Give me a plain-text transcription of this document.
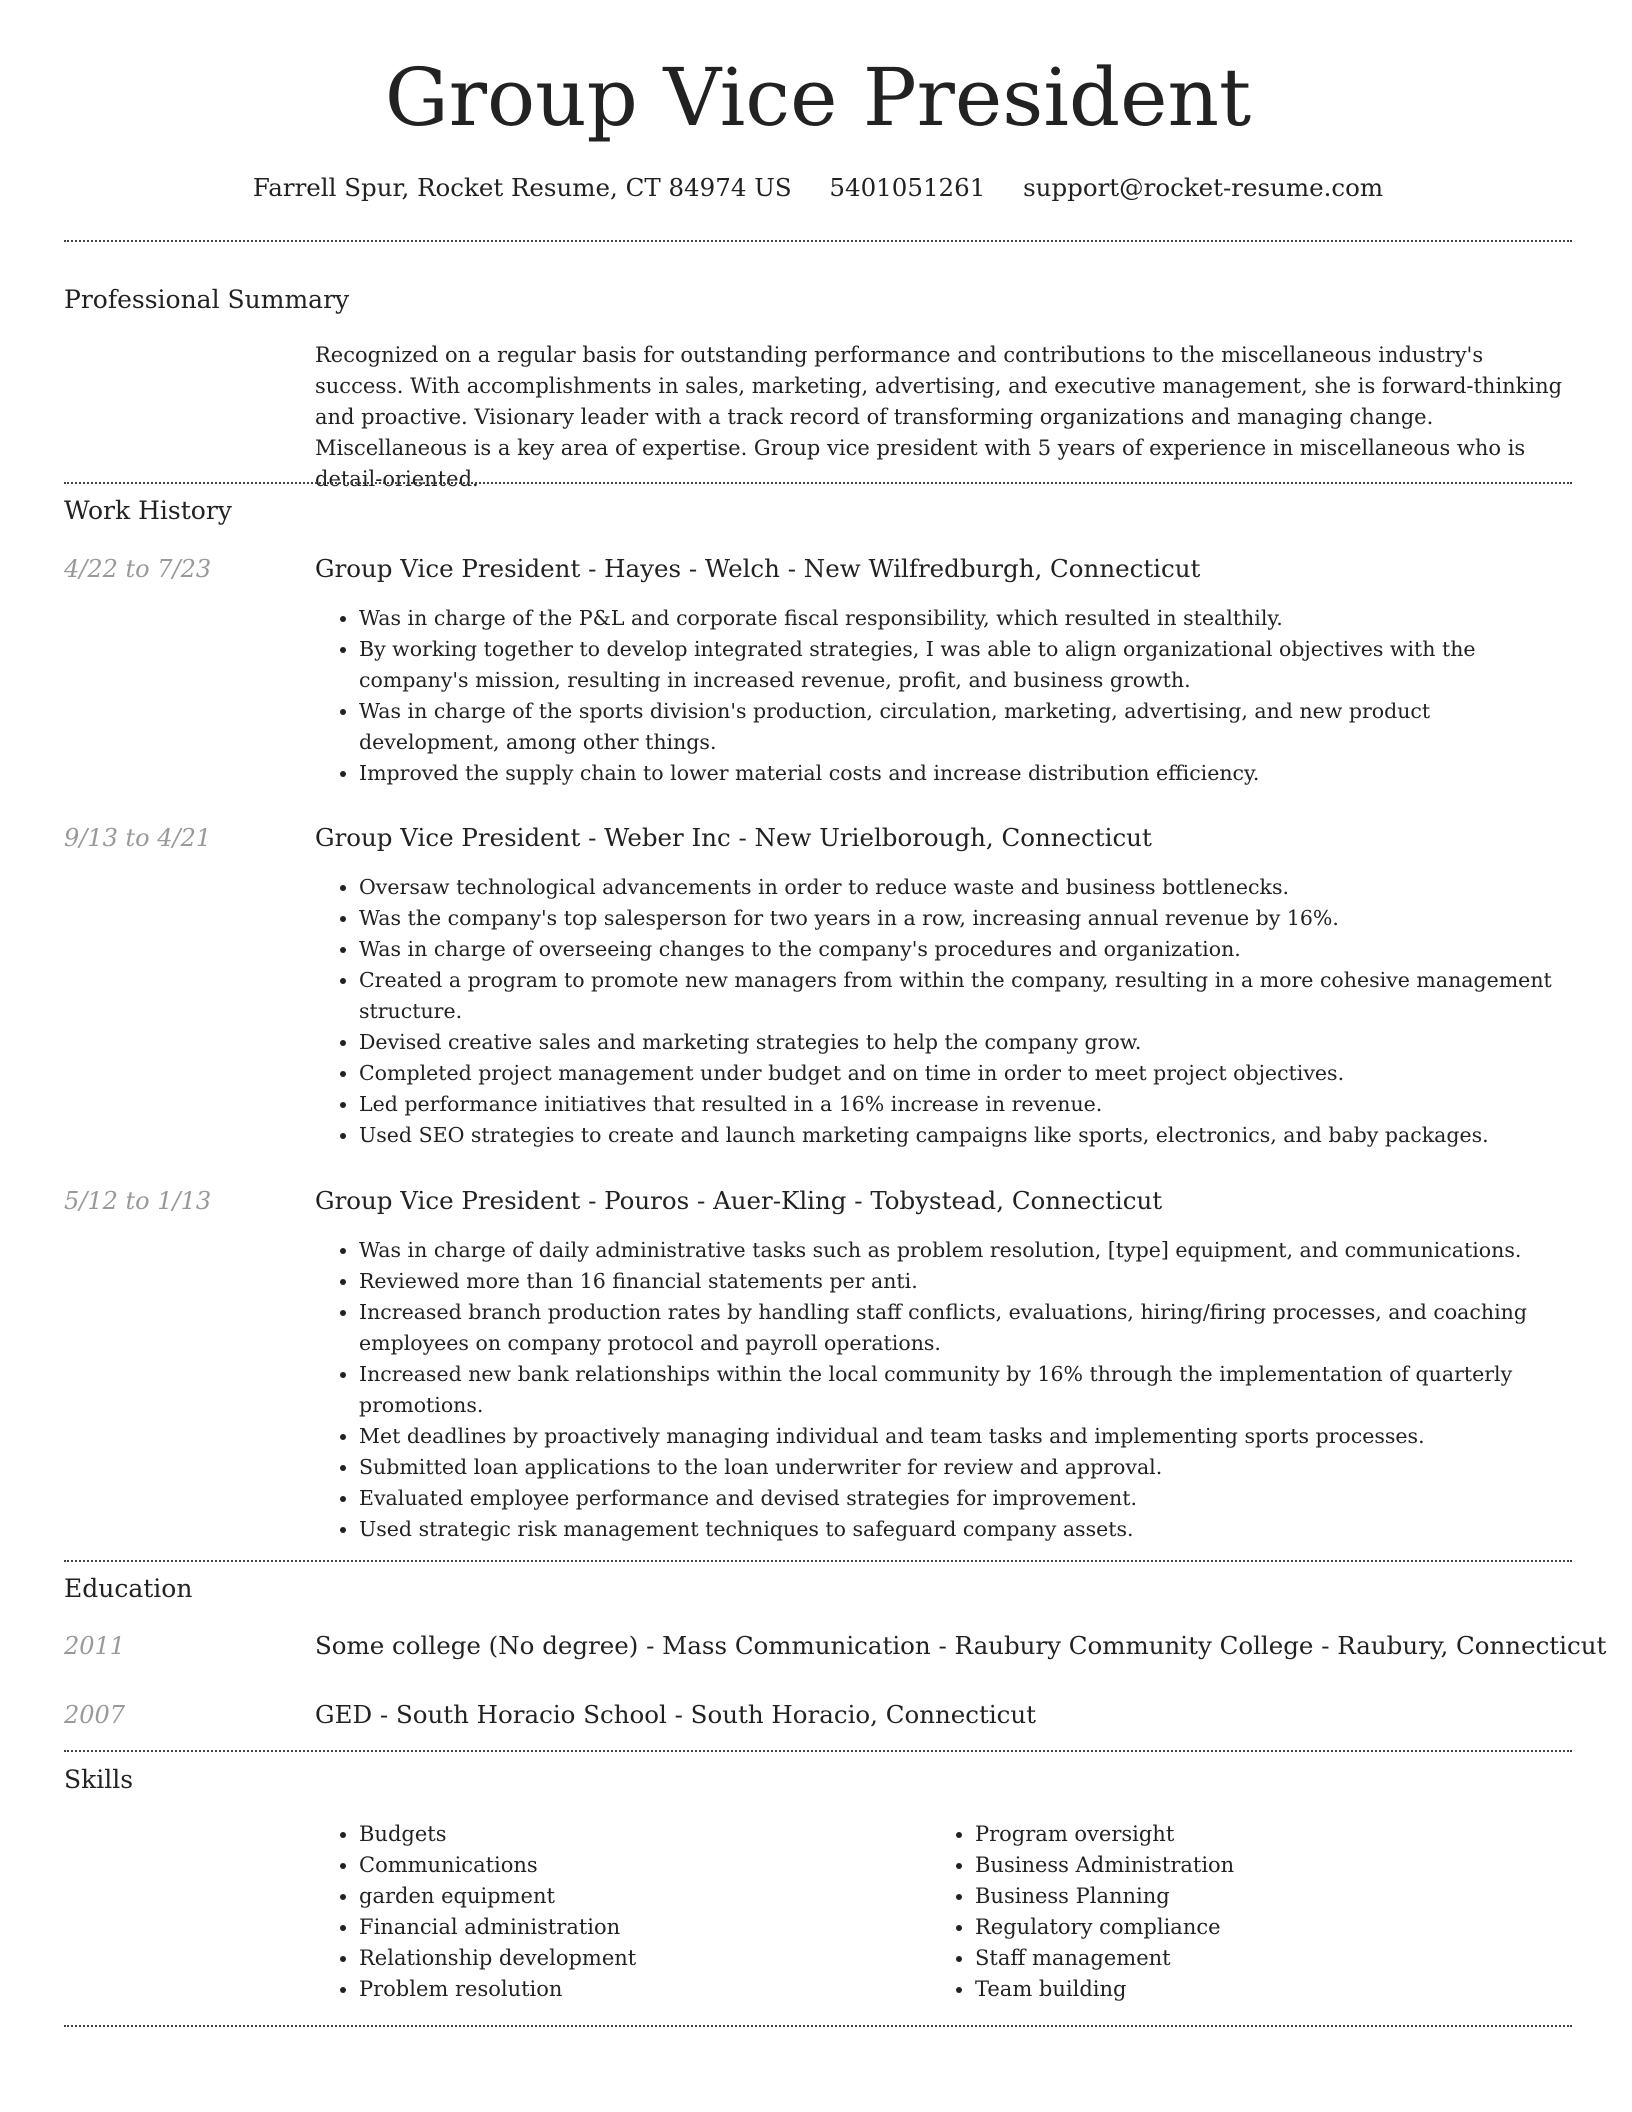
Group Vice President
Farrell Spur, Rocket Resume, CT 84974 US 5401051261 support@rocket-resume.com
Professional Summary
Recognized on a regular basis for outstanding performance and contributions to the miscellaneous industry's success. With accomplishments in sales, marketing, advertising, and executive management, she is forward-thinking and proactive. Visionary leader with a track record of transforming organizations and managing change. Miscellaneous is a key area of expertise. Group vice president with 5 years of experience in miscellaneous who is detail-oriented.
Work History
4/22 to 7/23	Group Vice President - Hayes - Welch - New Wilfredburgh, Connecticut
• Was in charge of the P&L and corporate fiscal responsibility, which resulted in stealthily.
• By working together to develop integrated strategies, I was able to align organizational objectives with the company's mission, resulting in increased revenue, profit, and business growth.
• Was in charge of the sports division's production, circulation, marketing, advertising, and new product development, among other things.
• Improved the supply chain to lower material costs and increase distribution efficiency.
9/13 to 4/21	Group Vice President - Weber Inc - New Urielborough, Connecticut
• Oversaw technological advancements in order to reduce waste and business bottlenecks.
• Was the company's top salesperson for two years in a row, increasing annual revenue by 16%.
• Was in charge of overseeing changes to the company's procedures and organization.
• Created a program to promote new managers from within the company, resulting in a more cohesive management structure.
• Devised creative sales and marketing strategies to help the company grow.
• Completed project management under budget and on time in order to meet project objectives.
• Led performance initiatives that resulted in a 16% increase in revenue.
• Used SEO strategies to create and launch marketing campaigns like sports, electronics, and baby packages.
5/12 to 1/13	Group Vice President - Pouros - Auer-Kling - Tobystead, Connecticut
• Was in charge of daily administrative tasks such as problem resolution, [type] equipment, and communications.
• Reviewed more than 16 financial statements per anti.
• Increased branch production rates by handling staff conflicts, evaluations, hiring/firing processes, and coaching employees on company protocol and payroll operations.
• Increased new bank relationships within the local community by 16% through the implementation of quarterly promotions.
• Met deadlines by proactively managing individual and team tasks and implementing sports processes.
• Submitted loan applications to the loan underwriter for review and approval.
• Evaluated employee performance and devised strategies for improvement.
• Used strategic risk management techniques to safeguard company assets.
Education
2011	Some college (No degree) - Mass Communication - Raubury Community College - Raubury, Connecticut
2007	GED - South Horacio School - South Horacio, Connecticut
Skills
• Budgets
• Communications
• garden equipment
• Financial administration
• Relationship development
• Problem resolution
• Program oversight
• Business Administration
• Business Planning
• Regulatory compliance
• Staff management
• Team building
